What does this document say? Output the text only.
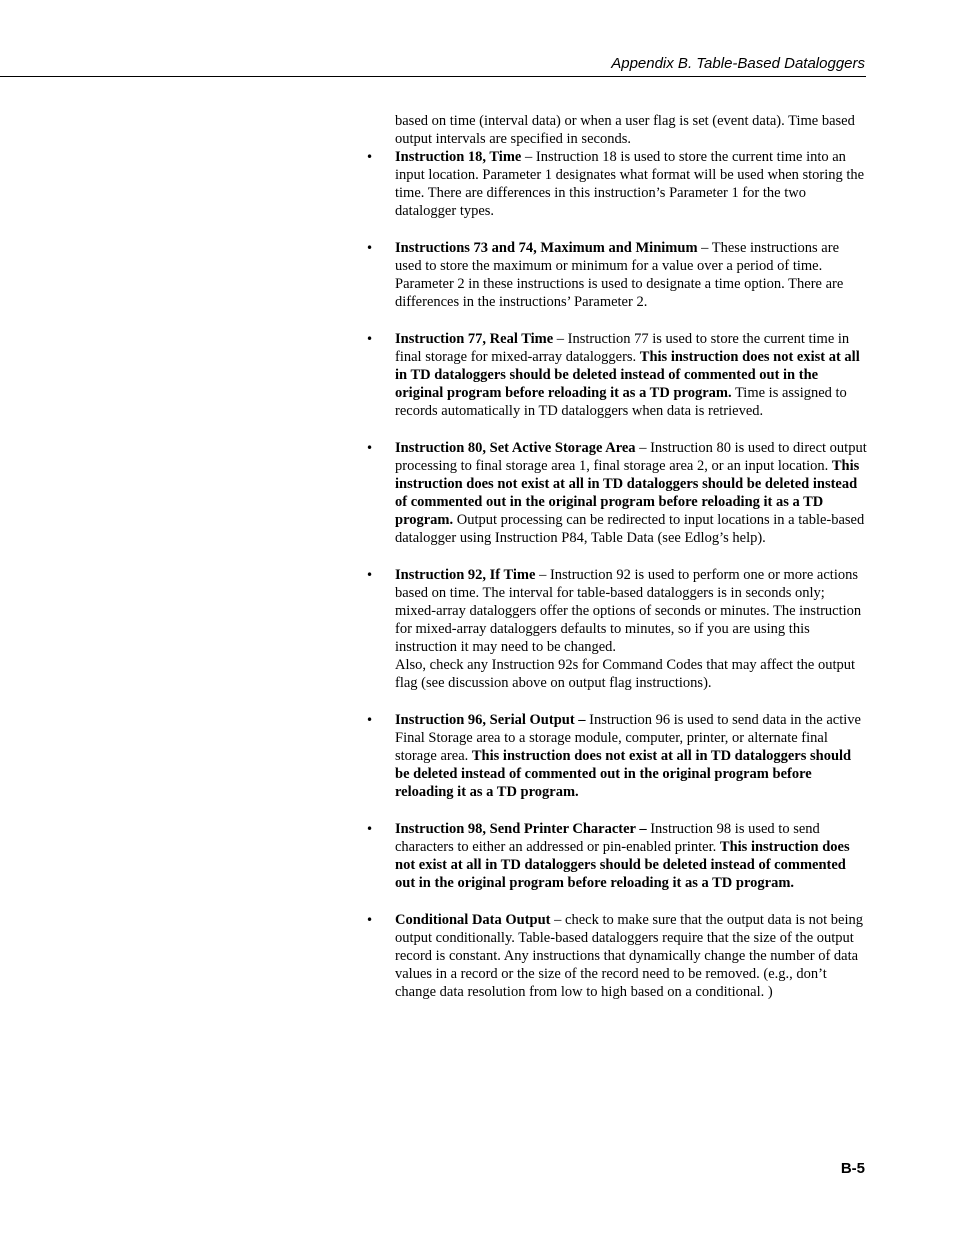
Appendix B. Table-Based Dataloggers

based on time (interval data) or when a user flag is set (event data). Time based output intervals are specified in seconds.

• Instruction 18, Time – Instruction 18 is used to store the current time into an input location. Parameter 1 designates what format will be used when storing the time. There are differences in this instruction’s Parameter 1 for the two datalogger types.

• Instructions 73 and 74, Maximum and Minimum – These instructions are used to store the maximum or minimum for a value over a period of time. Parameter 2 in these instructions is used to designate a time option. There are differences in the instructions’ Parameter 2.

• Instruction 77, Real Time – Instruction 77 is used to store the current time in final storage for mixed-array dataloggers. This instruction does not exist at all in TD dataloggers should be deleted instead of commented out in the original program before reloading it as a TD program. Time is assigned to records automatically in TD dataloggers when data is retrieved.

• Instruction 80, Set Active Storage Area – Instruction 80 is used to direct output processing to final storage area 1, final storage area 2, or an input location. This instruction does not exist at all in TD dataloggers should be deleted instead of commented out in the original program before reloading it as a TD program. Output processing can be redirected to input locations in a table-based datalogger using Instruction P84, Table Data (see Edlog’s help).

• Instruction 92, If Time – Instruction 92 is used to perform one or more actions based on time. The interval for table-based dataloggers is in seconds only; mixed-array dataloggers offer the options of seconds or minutes. The instruction for mixed-array dataloggers defaults to minutes, so if you are using this instruction it may need to be changed.

Also, check any Instruction 92s for Command Codes that may affect the output flag (see discussion above on output flag instructions).

• Instruction 96, Serial Output – Instruction 96 is used to send data in the active Final Storage area to a storage module, computer, printer, or alternate final storage area. This instruction does not exist at all in TD dataloggers should be deleted instead of commented out in the original program before reloading it as a TD program.

• Instruction 98, Send Printer Character – Instruction 98 is used to send characters to either an addressed or pin-enabled printer. This instruction does not exist at all in TD dataloggers should be deleted instead of commented out in the original program before reloading it as a TD program.

• Conditional Data Output – check to make sure that the output data is not being output conditionally. Table-based dataloggers require that the size of the output record is constant. Any instructions that dynamically change the number of data values in a record or the size of the record need to be removed. (e.g., don’t change data resolution from low to high based on a conditional. )

B-5
